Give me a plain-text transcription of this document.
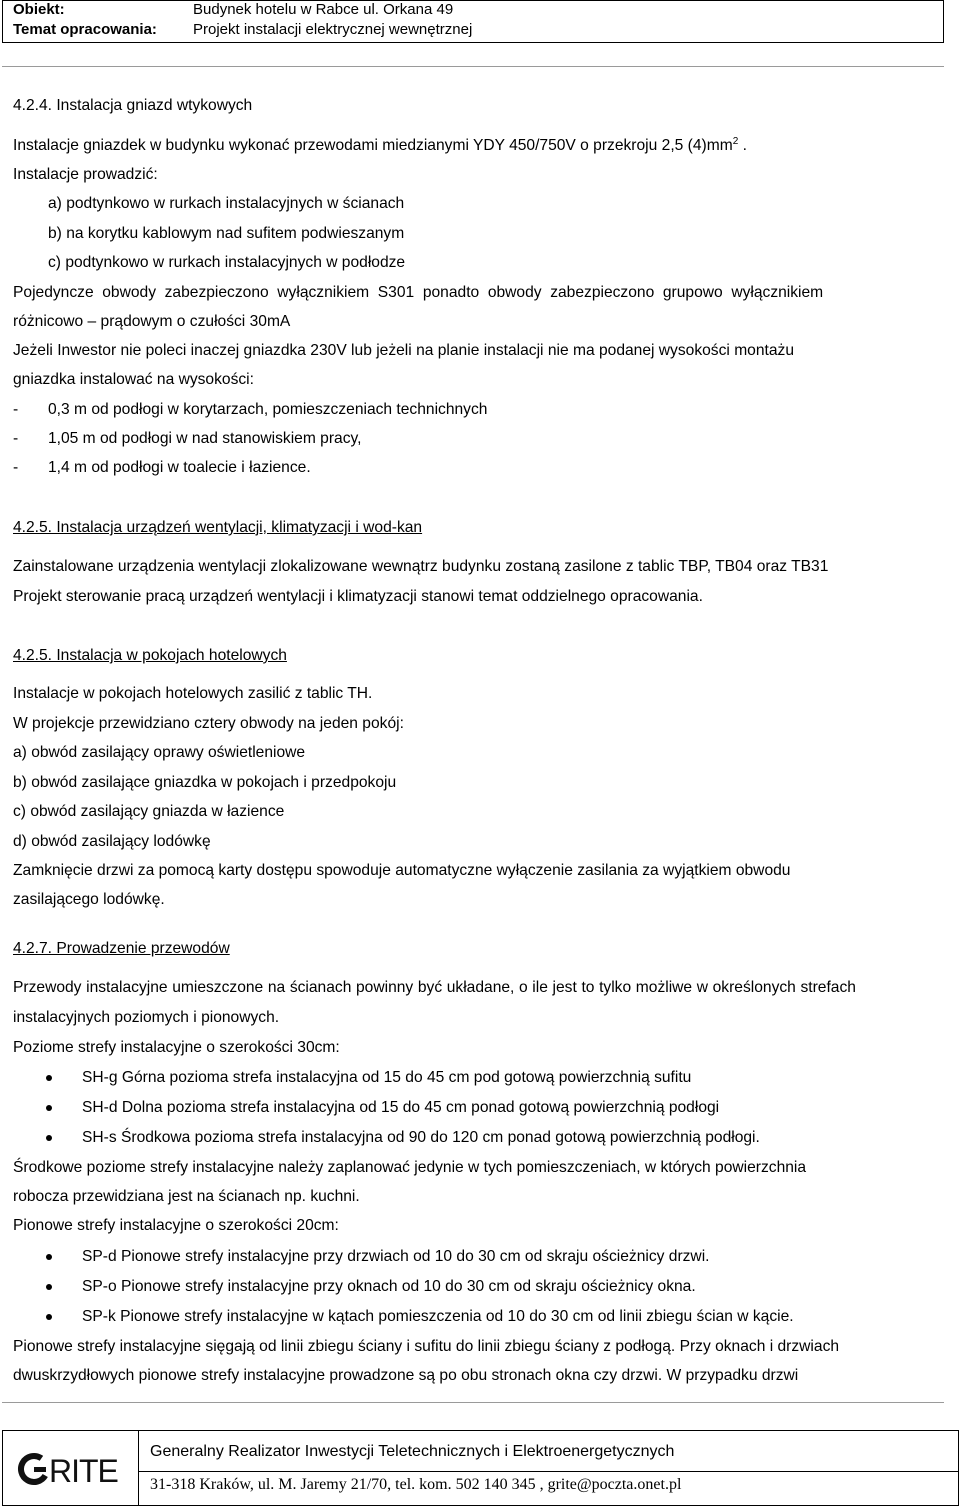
Obiekt:	Budynek hotelu w Rabce ul. Orkana 49
Temat opracowania: Projekt instalacji elektrycznej wewnętrznej
4.2.4. Instalacja gniazd wtykowych
Instalacje gniazdek w budynku wykonać przewodami miedzianymi YDY 450/750V o przekroju 2,5 $(4)mm^2$ .
Instalacje prowadzić:
a) podtynkowo w rurkach instalacyjnych w ścianach
b) na korytku kablowym nad sufitem podwieszanym
c) podtynkowo w rurkach instalacyjnych w podłodze
Pojedyncze obwody zabezpieczono wyłącznikiem S301 ponadto obwody zabezpieczono grupowo wyłącznikiem
różnicowo – prądowym o czułości 30mA
Jeżeli Inwestor nie poleci inaczej gniazdka 230V lub jeżeli na planie instalacji nie ma podanej wysokości montażu
gniazdka instalować na wysokości:
- 0,3 m od podłogi w korytarzach, pomieszczeniach technichnych
- 1,05 m od podłogi w nad stanowiskiem pracy,
- 1,4 m od podłogi w toalecie i łazience.
4.2.5. Instalacja urządzeń wentylacji, klimatyzacji i wod-kan
Zainstalowane urządzenia wentylacji zlokalizowane wewnątrz budynku zostaną zasilone z tablic TBP, TB04 oraz TB31
Projekt sterowanie pracą urządzeń wentylacji i klimatyzacji stanowi temat oddzielnego opracowania.
4.2.5. Instalacja w pokojach hotelowych
Instalacje w pokojach hotelowych zasilić z tablic TH.
W projekcje przewidziano cztery obwody na jeden pokój:
a) obwód zasilający oprawy oświetleniowe
b) obwód zasilające gniazdka w pokojach i przedpokoju
c) obwód zasilający gniazda w łazience
d) obwód zasilający lodówkę
Zamknięcie drzwi za pomocą karty dostępu spowoduje automatyczne wyłączenie zasilania za wyjątkiem obwodu
zasilającego lodówkę.
4.2.7. Prowadzenie przewodów
Przewody instalacyjne umieszczone na ścianach powinny być układane, o ile jest to tylko możliwe w określonych strefach
instalacyjnych poziomych i pionowych.
Poziome strefy instalacyjne o szerokości 30cm:
SH-g Górna pozioma strefa instalacyjna od 15 do 45 cm pod gotową powierzchnią sufitu
SH-d Dolna pozioma strefa instalacyjna od 15 do 45 cm ponad gotową powierzchnią podłogi
SH-s Środkowa pozioma strefa instalacyjna od 90 do 120 cm ponad gotową powierzchnią podłogi.
Środkowe poziome strefy instalacyjne należy zaplanować jedynie w tych pomieszczeniach, w których powierzchnia
robocza przewidziana jest na ścianach np. kuchni.
Pionowe strefy instalacyjne o szerokości 20cm:
SP-d Pionowe strefy instalacyjne przy drzwiach od 10 do 30 cm od skraju ościeżnicy drzwi.
SP-o Pionowe strefy instalacyjne przy oknach od 10 do 30 cm od skraju ościeżnicy okna.
SP-k Pionowe strefy instalacyjne w kątach pomieszczenia od 10 do 30 cm od linii zbiegu ścian w kącie.
Pionowe strefy instalacyjne sięgają od linii zbiegu ściany i sufitu do linii zbiegu ściany z podłogą. Przy oknach i drzwiach
dwuskrzydłowych pionowe strefy instalacyjne prowadzone są po obu stronach okna czy drzwi. W przypadku drzwi
RITE
Generalny Realizator Inwestycji Teletechnicznych i Elektroenergetycznych
31-318 Kraków, ul. M. Jaremy 21/70, tel. kom. 502 140 345 , grite@poczta.onet.pl
